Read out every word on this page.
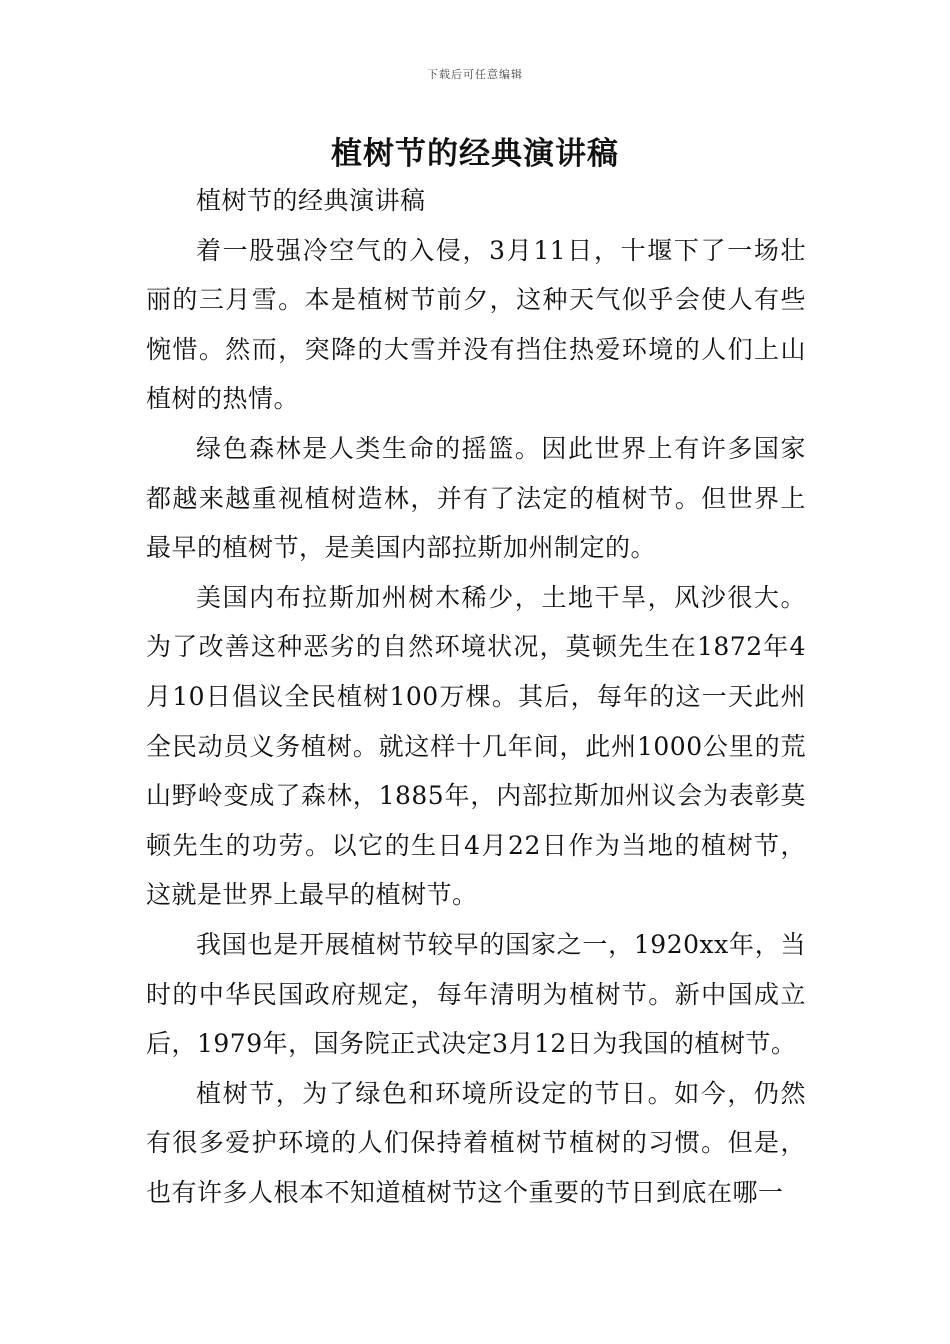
下载后可任意编辑
植树节的经典演讲稿

植树节的经典演讲稿

着一股强冷空气的入侵，3月11日，十堰下了一场壮丽的三月雪。本是植树节前夕，这种天气似乎会使人有些惋惜。然而，突降的大雪并没有挡住热爱环境的人们上山植树的热情。

绿色森林是人类生命的摇篮。因此世界上有许多国家都越来越重视植树造林，并有了法定的植树节。但世界上最早的植树节，是美国内部拉斯加州制定的。

美国内布拉斯加州树木稀少，土地干旱，风沙很大。为了改善这种恶劣的自然环境状况，莫顿先生在1872年4月10日倡议全民植树100万棵。其后，每年的这一天此州全民动员义务植树。就这样十几年间，此州1000公里的荒山野岭变成了森林，1885年，内部拉斯加州议会为表彰莫顿先生的功劳。以它的生日4月22日作为当地的植树节，这就是世界上最早的植树节。

我国也是开展植树节较早的国家之一，1920xx年，当时的中华民国政府规定，每年清明为植树节。新中国成立后，1979年，国务院正式决定3月12日为我国的植树节。

植树节，为了绿色和环境所设定的节日。如今，仍然有很多爱护环境的人们保持着植树节植树的习惯。但是，也有许多人根本不知道植树节这个重要的节日到底在哪一
